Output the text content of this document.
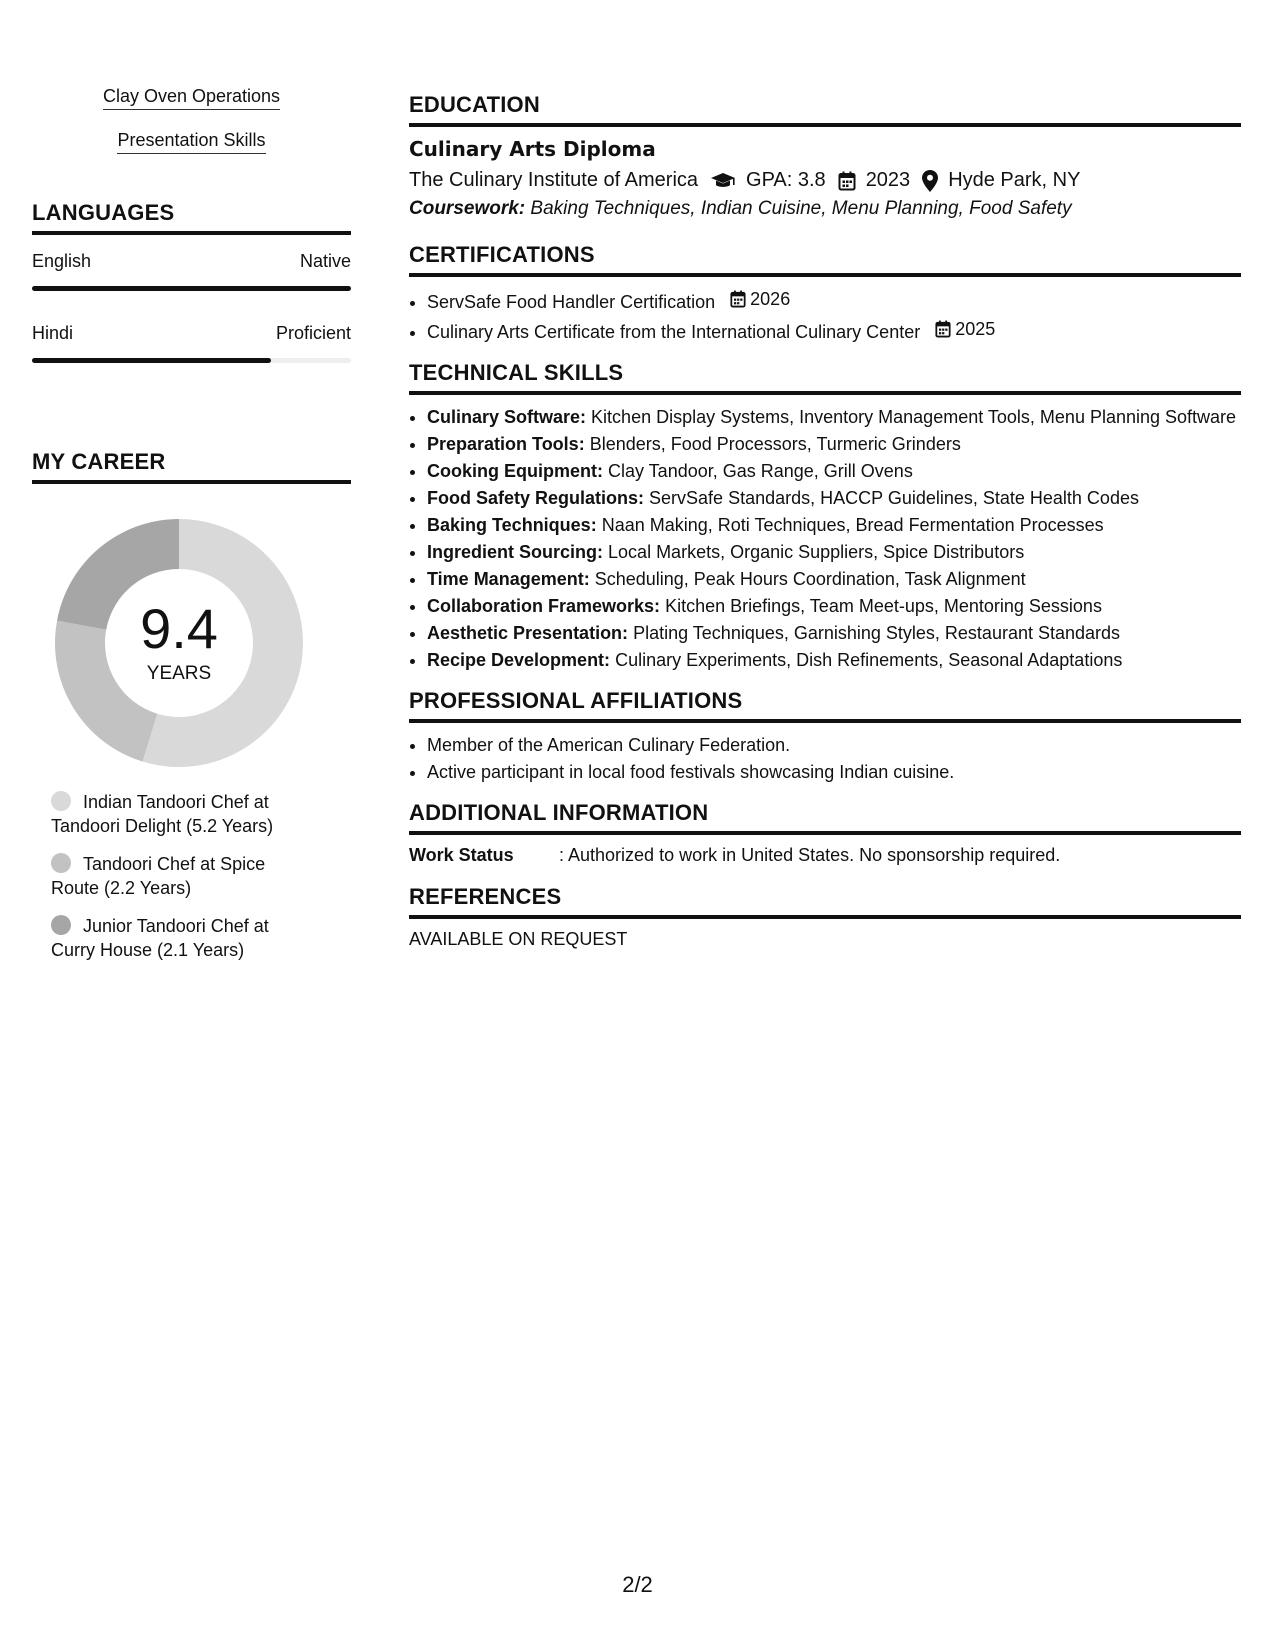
Clay Oven Operations
Presentation Skills
LANGUAGES
English	Native
Hindi	Proficient
MY CAREER
9.4
YEARS
Indian Tandoori Chef at Tandoori Delight (5.2 Years)
Tandoori Chef at Spice Route (2.2 Years)
Junior Tandoori Chef at Curry House (2.1 Years)
EDUCATION
Culinary Arts Diploma
The Culinary Institute of America GPA: 3.8 2023 Hyde Park, NY
Coursework: Baking Techniques, Indian Cuisine, Menu Planning, Food Safety
CERTIFICATIONS
• ServSafe Food Handler Certification 2026
• Culinary Arts Certificate from the International Culinary Center 2025
TECHNICAL SKILLS
• Culinary Software: Kitchen Display Systems, Inventory Management Tools, Menu Planning Software
• Preparation Tools: Blenders, Food Processors, Turmeric Grinders
• Cooking Equipment: Clay Tandoor, Gas Range, Grill Ovens
• Food Safety Regulations: ServSafe Standards, HACCP Guidelines, State Health Codes
• Baking Techniques: Naan Making, Roti Techniques, Bread Fermentation Processes
• Ingredient Sourcing: Local Markets, Organic Suppliers, Spice Distributors
• Time Management: Scheduling, Peak Hours Coordination, Task Alignment
• Collaboration Frameworks: Kitchen Briefings, Team Meet-ups, Mentoring Sessions
• Aesthetic Presentation: Plating Techniques, Garnishing Styles, Restaurant Standards
• Recipe Development: Culinary Experiments, Dish Refinements, Seasonal Adaptations
PROFESSIONAL AFFILIATIONS
• Member of the American Culinary Federation.
• Active participant in local food festivals showcasing Indian cuisine.
ADDITIONAL INFORMATION
Work Status	: Authorized to work in United States. No sponsorship required.
REFERENCES
AVAILABLE ON REQUEST
2/2
